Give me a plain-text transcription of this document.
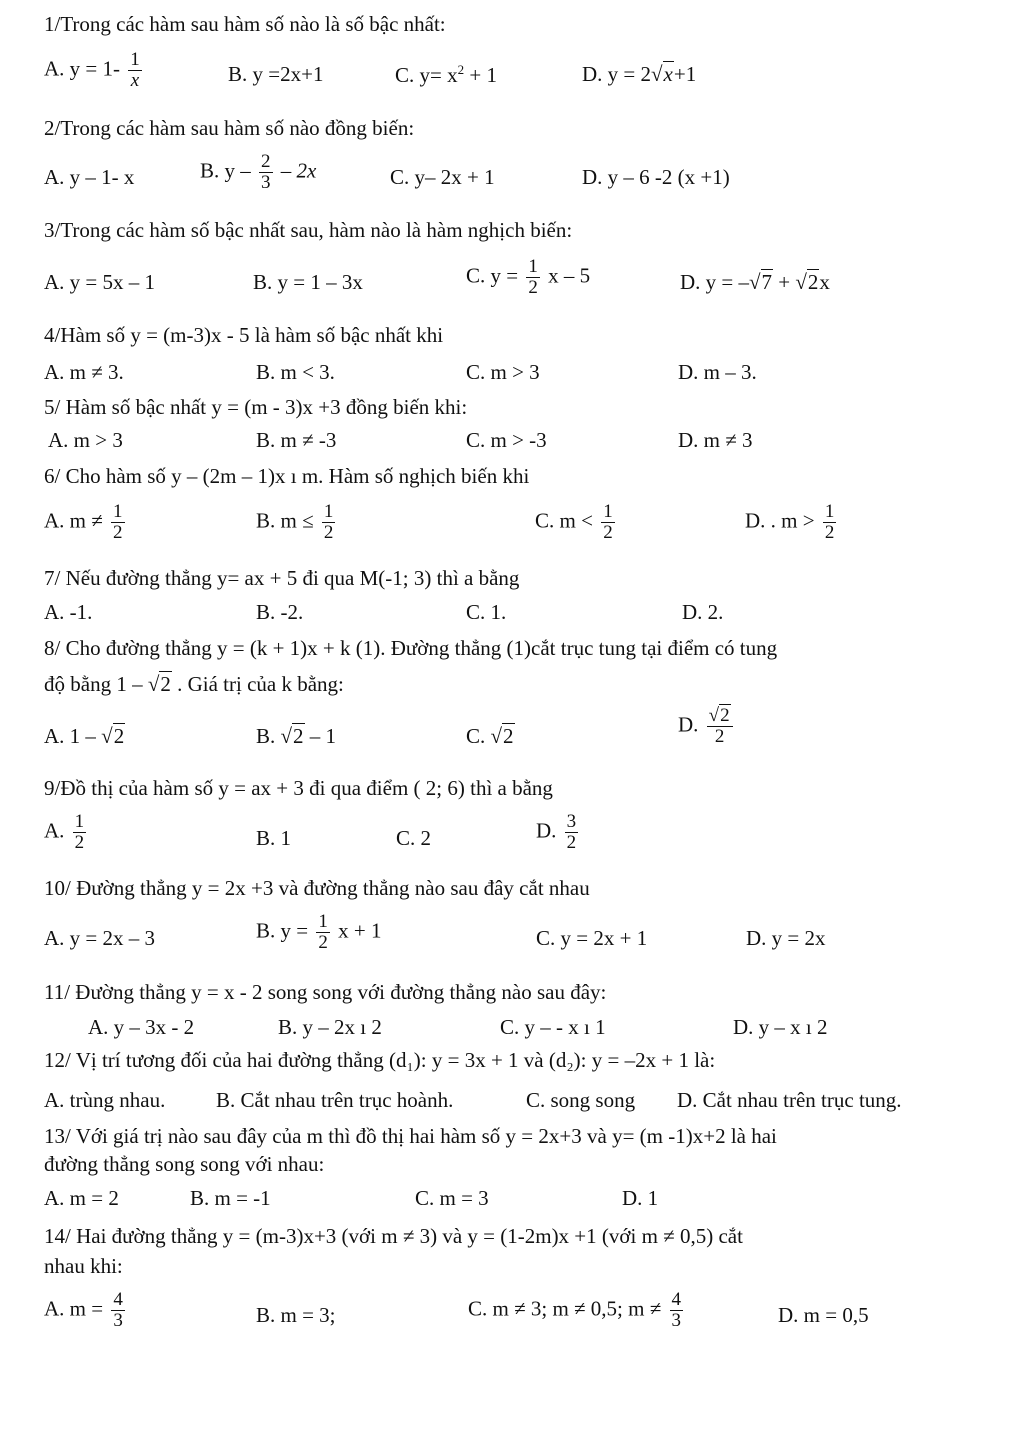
1/Trong các hàm sau hàm số nào là số bậc nhất:
A. $y = 1- \frac{1}{x}$	B. y =2x+1	C. $y= x^2 + 1$	D. y = 2√x+1
2/Trong các hàm sau hàm số nào đồng biến:
A. y – 1- x	B. y – $\frac{2}{3} - 2x$	C. y– 2x + 1	D. y – 6 -2 (x +1)
3/Trong các hàm số bậc nhất sau, hàm nào là hàm nghịch biến:
A. y = 5x – 1	B. y = 1 – 3x	C. $y = \frac{1}{2}$ x – 5	D. y = –√7 + √2x
4/Hàm số y = (m-3)x - 5 là hàm số bậc nhất khi
A. m ≠ 3.	B. m < 3.	C. m > 3	D. m – 3.
5/ Hàm số bậc nhất y = (m - 3)x +3 đồng biến khi:
A. m > 3	B. m ≠ -3	C. m > -3	D. m ≠ 3
6/ Cho hàm số y – (2m – 1)x ı m. Hàm số nghịch biến khi
A. $m \ne \frac{1}{2}$	B. $m \le \frac{1}{2}$	C. $m < \frac{1}{2}$	D. . $m > \frac{1}{2}$
7/ Nếu đường thẳng y= ax + 5 đi qua M(-1; 3) thì a bằng
A. -1.	B. -2.	C. 1.	D. 2.
8/ Cho đường thẳng y = (k + 1)x + k (1). Đường thẳng (1)cắt trục tung tại điểm có tung
độ bằng 1 – √2 . Giá trị của k bằng:
A. 1 – √2	B. √2 – 1	C. √2	D. $\frac{√2}{2}$
9/Đồ thị của hàm số y = ax + 3 đi qua điểm ( 2; 6) thì a bằng
A. $\frac{1}{2}$	B. 1	C. 2	D. $\frac{3}{2}$
10/ Đường thẳng y = 2x +3 và đường thẳng nào sau đây cắt nhau
A. y = 2x – 3	B. $y = \frac{1}{2}$ x + 1	C. y = 2x + 1	D. y = 2x
11/ Đường thẳng y = x - 2 song song với đường thẳng nào sau đây:
A. y – 3x - 2	B. y – 2x ı 2	C. y – - x ı 1	D. y – x ı 2
12/ Vị trí tương đối của hai đường thẳng (d₁): y = 3x + 1 và (d₂): y = –2x + 1 là:
A. trùng nhau. B. Cắt nhau trên trục hoành.	C. song song D. Cắt nhau trên trục tung.
13/ Với giá trị nào sau đây của m thì đồ thị hai hàm số y = 2x+3 và y= (m -1)x+2 là hai
đường thẳng song song với nhau:
A. m = 2	B. m = -1	C. m = 3	D. 1
14/ Hai đường thẳng y = (m-3)x+3 (với m ≠ 3) và y = (1-2m)x +1 (với m ≠ 0,5) cắt
nhau khi:
A. $m = \frac{4}{3}$	B. m = 3;	C. m ≠ 3; m ≠ 0,5; $m \ne \frac{4}{3}$	D. m = 0,5
